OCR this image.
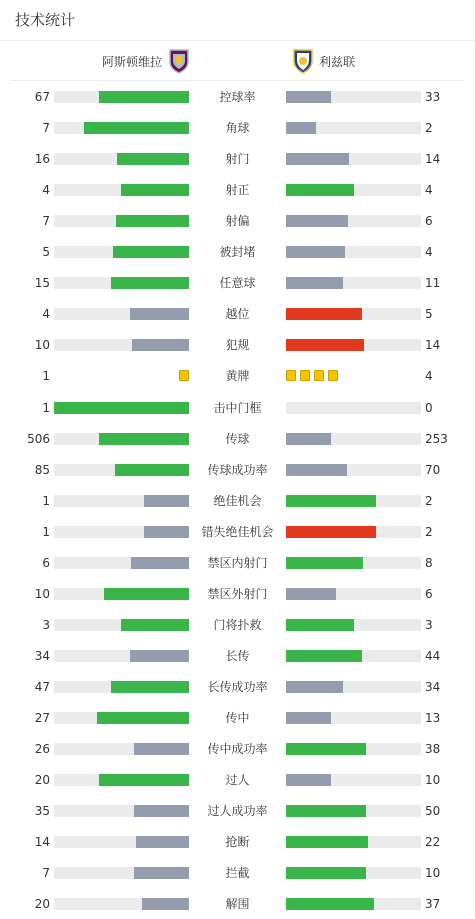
技术统计
阿斯顿维拉	利兹联
67	控球率	33
7	角球	2
16	射门	14
4	射正	4
7	射偏	6
5	被封堵	4
15	任意球	11
4	越位	5
10	犯规	14
1	黄牌	4
1	击中门框	0
506	传球	253
85	传球成功率	70
1	绝佳机会	2
1	错失绝佳机会	2
6	禁区内射门	8
10	禁区外射门	6
3	门将扑救	3
34	长传	44
47	长传成功率	34
27	传中	13
26	传中成功率	38
20	过人	10
35	过人成功率	50
14	抢断	22
7	拦截	10
20	解围	37
